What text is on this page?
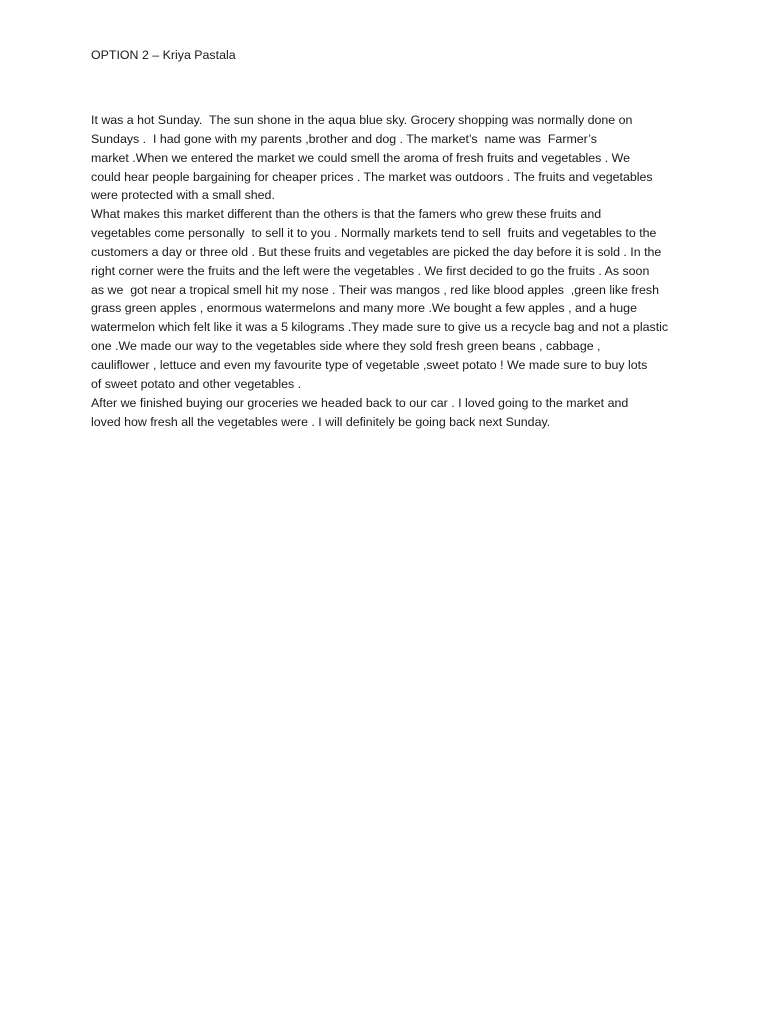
OPTION 2 – Kriya Pastala
It was a hot Sunday.  The sun shone in the aqua blue sky. Grocery shopping was normally done on
Sundays .  I had gone with my parents ,brother and dog . The market’s  name was  Farmer’s
market .When we entered the market we could smell the aroma of fresh fruits and vegetables . We
could hear people bargaining for cheaper prices . The market was outdoors . The fruits and vegetables
were protected with a small shed.
What makes this market different than the others is that the famers who grew these fruits and
vegetables come personally  to sell it to you . Normally markets tend to sell  fruits and vegetables to the
customers a day or three old . But these fruits and vegetables are picked the day before it is sold . In the
right corner were the fruits and the left were the vegetables . We first decided to go the fruits . As soon
as we  got near a tropical smell hit my nose . Their was mangos , red like blood apples  ,green like fresh
grass green apples , enormous watermelons and many more .We bought a few apples , and a huge
watermelon which felt like it was a 5 kilograms .They made sure to give us a recycle bag and not a plastic
one .We made our way to the vegetables side where they sold fresh green beans , cabbage ,
cauliflower , lettuce and even my favourite type of vegetable ,sweet potato ! We made sure to buy lots
of sweet potato and other vegetables .
After we finished buying our groceries we headed back to our car . I loved going to the market and
loved how fresh all the vegetables were . I will definitely be going back next Sunday.
